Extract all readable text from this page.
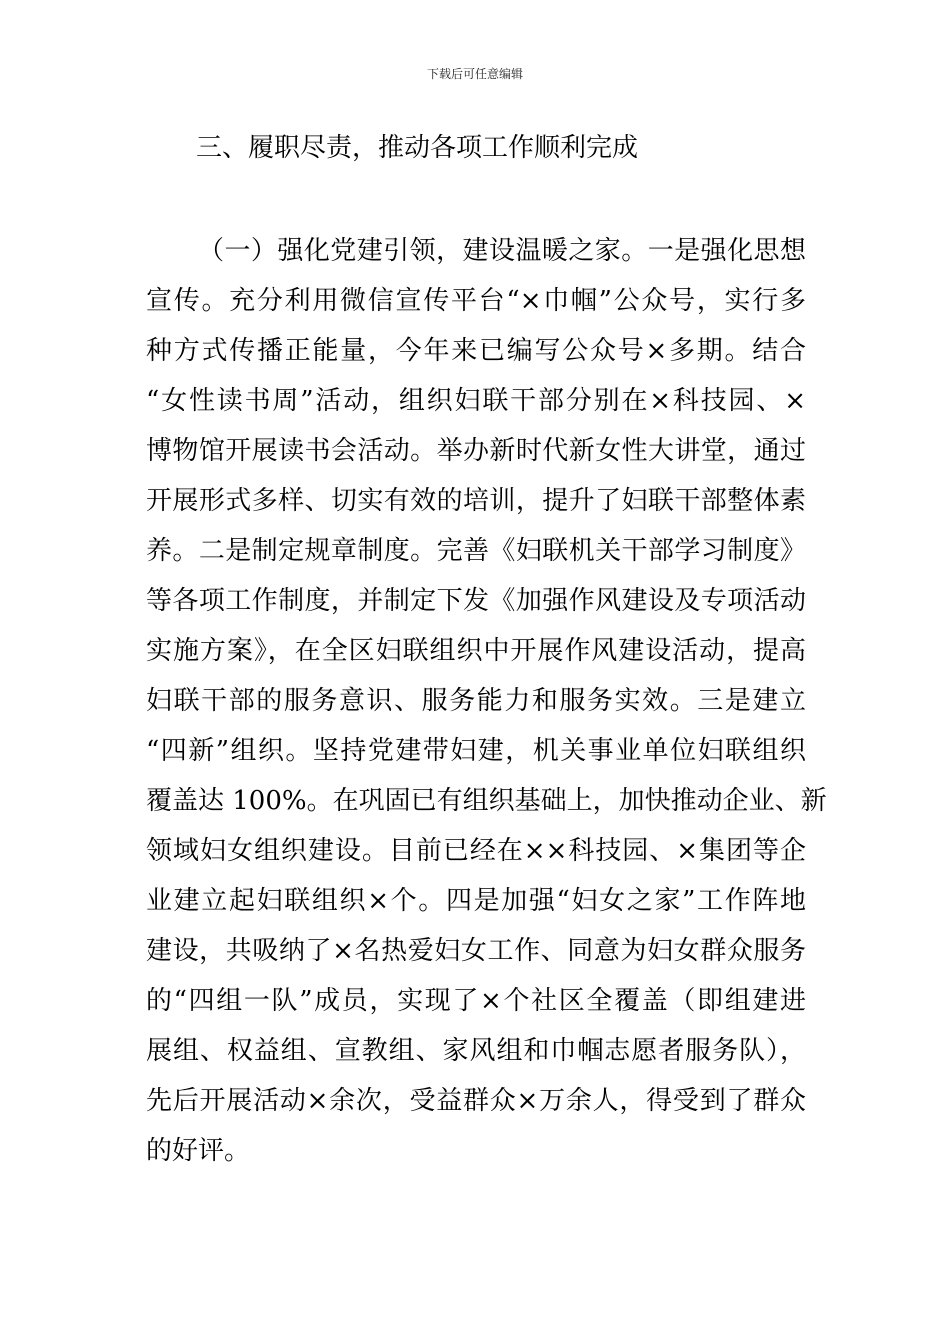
下载后可任意编辑
三、履职尽责，推动各项工作顺利完成
（一）强化党建引领，建设温暖之家。一是强化思想
宣传。充分利用微信宣传平台“×巾帼”公众号，实行多
种方式传播正能量，今年来已编写公众号×多期。结合
“女性读书周”活动，组织妇联干部分别在×科技园、×
博物馆开展读书会活动。举办新时代新女性大讲堂，通过
开展形式多样、切实有效的培训，提升了妇联干部整体素
养。二是制定规章制度。完善《妇联机关干部学习制度》
等各项工作制度，并制定下发《加强作风建设及专项活动
实施方案》，在全区妇联组织中开展作风建设活动，提高
妇联干部的服务意识、服务能力和服务实效。三是建立
“四新”组织。坚持党建带妇建，机关事业单位妇联组织
覆盖达 100%。在巩固已有组织基础上，加快推动企业、新
领域妇女组织建设。目前已经在××科技园、×集团等企
业建立起妇联组织×个。四是加强“妇女之家”工作阵地
建设，共吸纳了×名热爱妇女工作、同意为妇女群众服务
的“四组一队”成员，实现了×个社区全覆盖（即组建进
展组、权益组、宣教组、家风组和巾帼志愿者服务队），
先后开展活动×余次，受益群众×万余人，得受到了群众
的好评。
